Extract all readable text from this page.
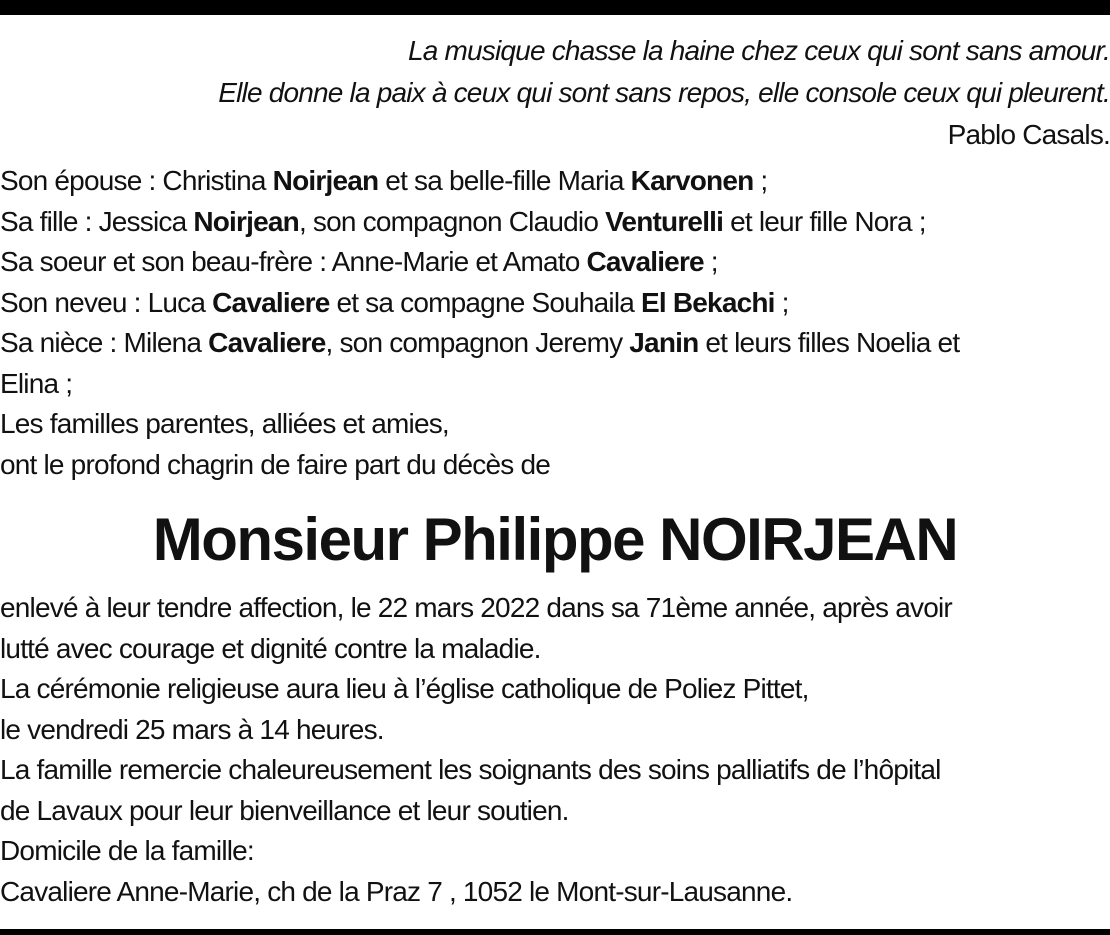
La musique chasse la haine chez ceux qui sont sans amour.
Elle donne la paix à ceux qui sont sans repos, elle console ceux qui pleurent.
Pablo Casals.
Son épouse : Christina Noirjean et sa belle-fille Maria Karvonen ;
Sa fille : Jessica Noirjean, son compagnon Claudio Venturelli et leur fille Nora ;
Sa soeur et son beau-frère : Anne-Marie et Amato Cavaliere ;
Son neveu : Luca Cavaliere et sa compagne Souhaila El Bekachi ;
Sa nièce : Milena Cavaliere, son compagnon Jeremy Janin et leurs filles Noelia et
Elina ;
Les familles parentes, alliées et amies,
ont le profond chagrin de faire part du décès de
Monsieur Philippe NOIRJEAN
enlevé à leur tendre affection, le 22 mars 2022 dans sa 71ème année, après avoir
lutté avec courage et dignité contre la maladie.
La cérémonie religieuse aura lieu à l’église catholique de Poliez Pittet,
le vendredi 25 mars à 14 heures.
La famille remercie chaleureusement les soignants des soins palliatifs de l’hôpital
de Lavaux pour leur bienveillance et leur soutien.
Domicile de la famille:
Cavaliere Anne-Marie, ch de la Praz 7 , 1052 le Mont-sur-Lausanne.
